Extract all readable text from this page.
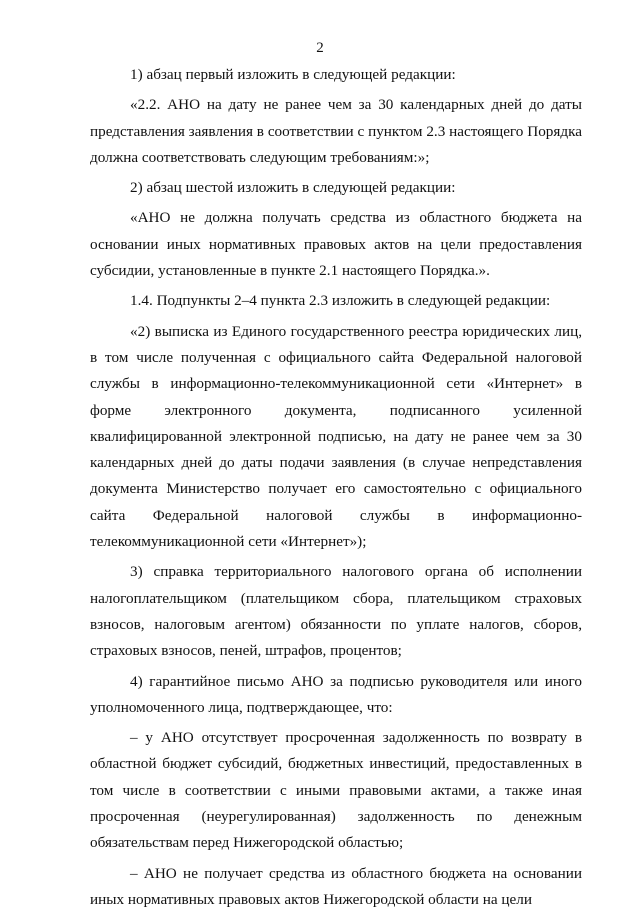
2

1) абзац первый изложить в следующей редакции:

«2.2. АНО на дату не ранее чем за 30 календарных дней до даты представления заявления в соответствии с пунктом 2.3 настоящего Порядка должна соответствовать следующим требованиям:»;

2) абзац шестой изложить в следующей редакции:

«АНО не должна получать средства из областного бюджета на основании иных нормативных правовых актов на цели предоставления субсидии, установленные в пункте 2.1 настоящего Порядка.».

1.4. Подпункты 2–4 пункта 2.3 изложить в следующей редакции:

«2) выписка из Единого государственного реестра юридических лиц, в том числе полученная с официального сайта Федеральной налоговой службы в информационно-телекоммуникационной сети «Интернет» в форме электронного документа, подписанного усиленной квалифицированной электронной подписью, на дату не ранее чем за 30 календарных дней до даты подачи заявления (в случае непредставления документа Министерство получает его самостоятельно с официального сайта Федеральной налоговой службы в информационно-телекоммуникационной сети «Интернет»);

3) справка территориального налогового органа об исполнении налогоплательщиком (плательщиком сбора, плательщиком страховых взносов, налоговым агентом) обязанности по уплате налогов, сборов, страховых взносов, пеней, штрафов, процентов;

4) гарантийное письмо АНО за подписью руководителя или иного уполномоченного лица, подтверждающее, что:

– у АНО отсутствует просроченная задолженность по возврату в областной бюджет субсидий, бюджетных инвестиций, предоставленных в том числе в соответствии с иными правовыми актами, а также иная просроченная (неурегулированная) задолженность по денежным обязательствам перед Нижегородской областью;

– АНО не получает средства из областного бюджета на основании иных нормативных правовых актов Нижегородской области на цели
